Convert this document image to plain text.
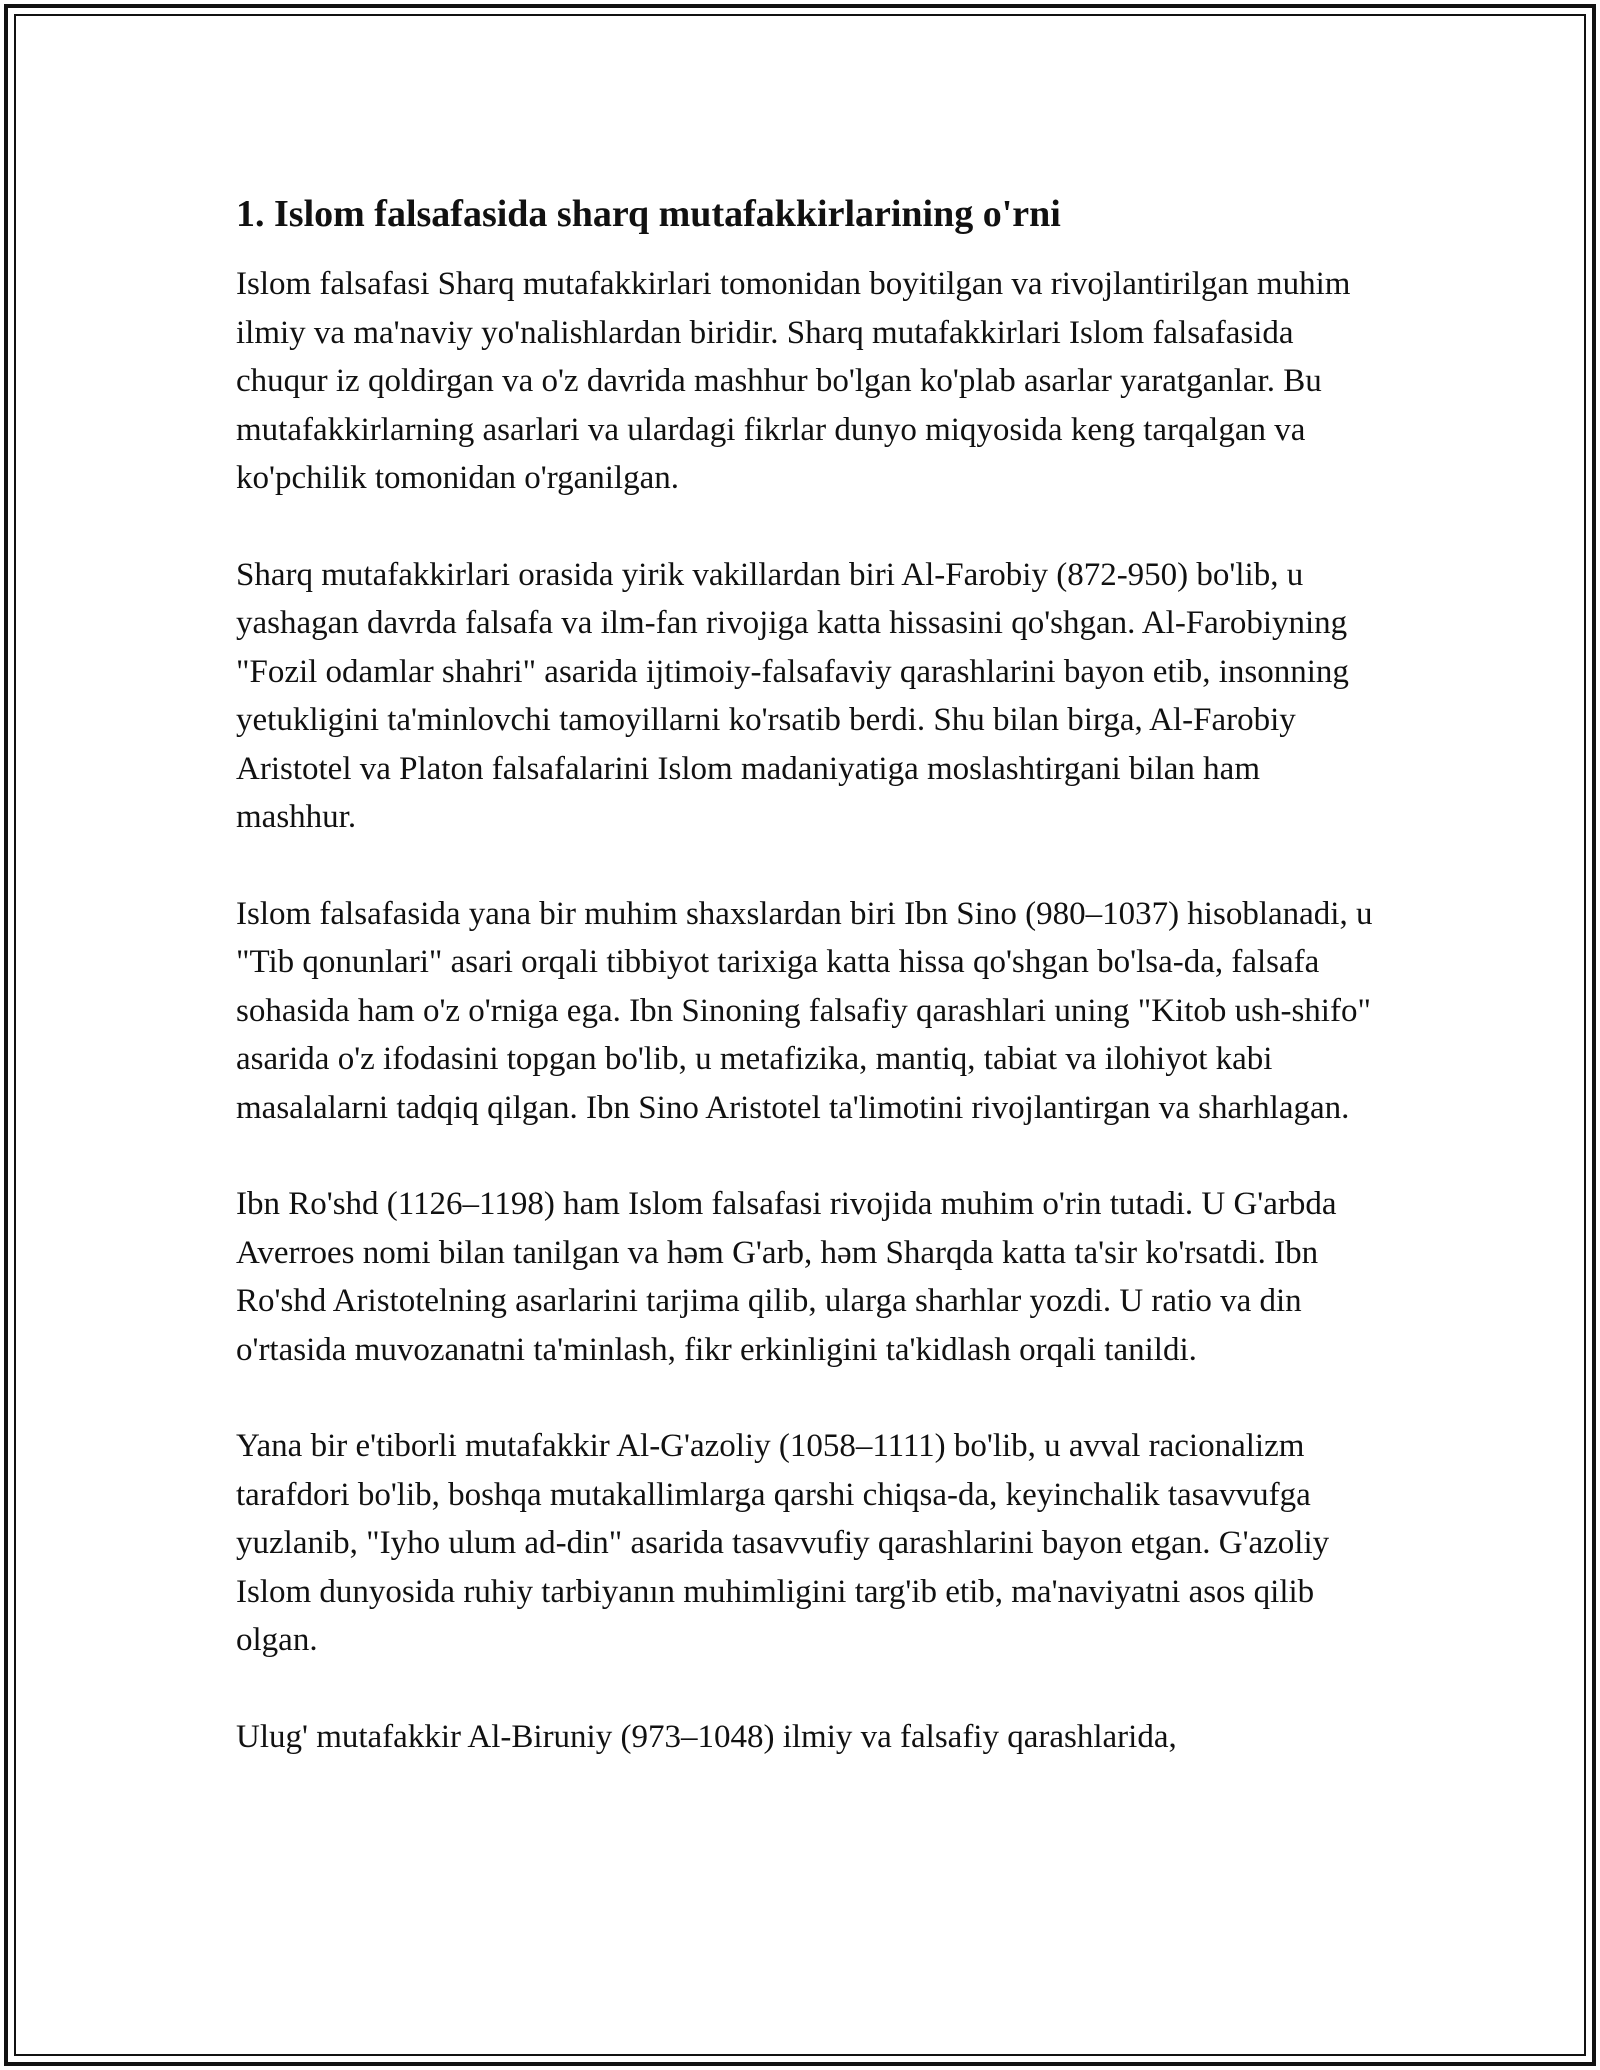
1. Islom falsafasida sharq mutafakkirlarining o'rni

Islom falsafasi Sharq mutafakkirlari tomonidan boyitilgan va rivojlantirilgan muhim ilmiy va ma'naviy yo'nalishlardan biridir. Sharq mutafakkirlari Islom falsafasida chuqur iz qoldirgan va o'z davrida mashhur bo'lgan ko'plab asarlar yaratganlar. Bu mutafakkirlarning asarlari va ulardagi fikrlar dunyo miqyosida keng tarqalgan va ko'pchilik tomonidan o'rganilgan.

Sharq mutafakkirlari orasida yirik vakillardan biri Al-Farobiy (872-950) bo'lib, u yashagan davrda falsafa va ilm-fan rivojiga katta hissasini qo'shgan. Al-Farobiyning "Fozil odamlar shahri" asarida ijtimoiy-falsafaviy qarashlarini bayon etib, insonning yetukligini ta'minlovchi tamoyillarni ko'rsatib berdi. Shu bilan birga, Al-Farobiy Aristotel va Platon falsafalarini Islom madaniyatiga moslashtirgani bilan ham mashhur.

Islom falsafasida yana bir muhim shaxslardan biri Ibn Sino (980–1037) hisoblanadi, u "Tib qonunlari" asari orqali tibbiyot tarixiga katta hissa qo'shgan bo'lsa-da, falsafa sohasida ham o'z o'rniga ega. Ibn Sinoning falsafiy qarashlari uning "Kitob ush-shifo" asarida o'z ifodasini topgan bo'lib, u metafizika, mantiq, tabiat va ilohiyot kabi masalalarni tadqiq qilgan. Ibn Sino Aristotel ta'limotini rivojlantirgan va sharhlagan.

Ibn Ro'shd (1126–1198) ham Islom falsafasi rivojida muhim o'rin tutadi. U G'arbda Averroes nomi bilan tanilgan va həm G'arb, həm Sharqda katta ta'sir ko'rsatdi. Ibn Ro'shd Aristotelning asarlarini tarjima qilib, ularga sharhlar yozdi. U ratio va din o'rtasida muvozanatni ta'minlash, fikr erkinligini ta'kidlash orqali tanildi.

Yana bir e'tiborli mutafakkir Al-G'azoliy (1058–1111) bo'lib, u avval racionalizm tarafdori bo'lib, boshqa mutakallimlarga qarshi chiqsa-da, keyinchalik tasavvufga yuzlanib, "Iyho ulum ad-din" asarida tasavvufiy qarashlarini bayon etgan. G'azoliy Islom dunyosida ruhiy tarbiyanın muhimligini targ'ib etib, ma'naviyatni asos qilib olgan.

Ulug' mutafakkir Al-Biruniy (973–1048) ilmiy va falsafiy qarashlarida,
